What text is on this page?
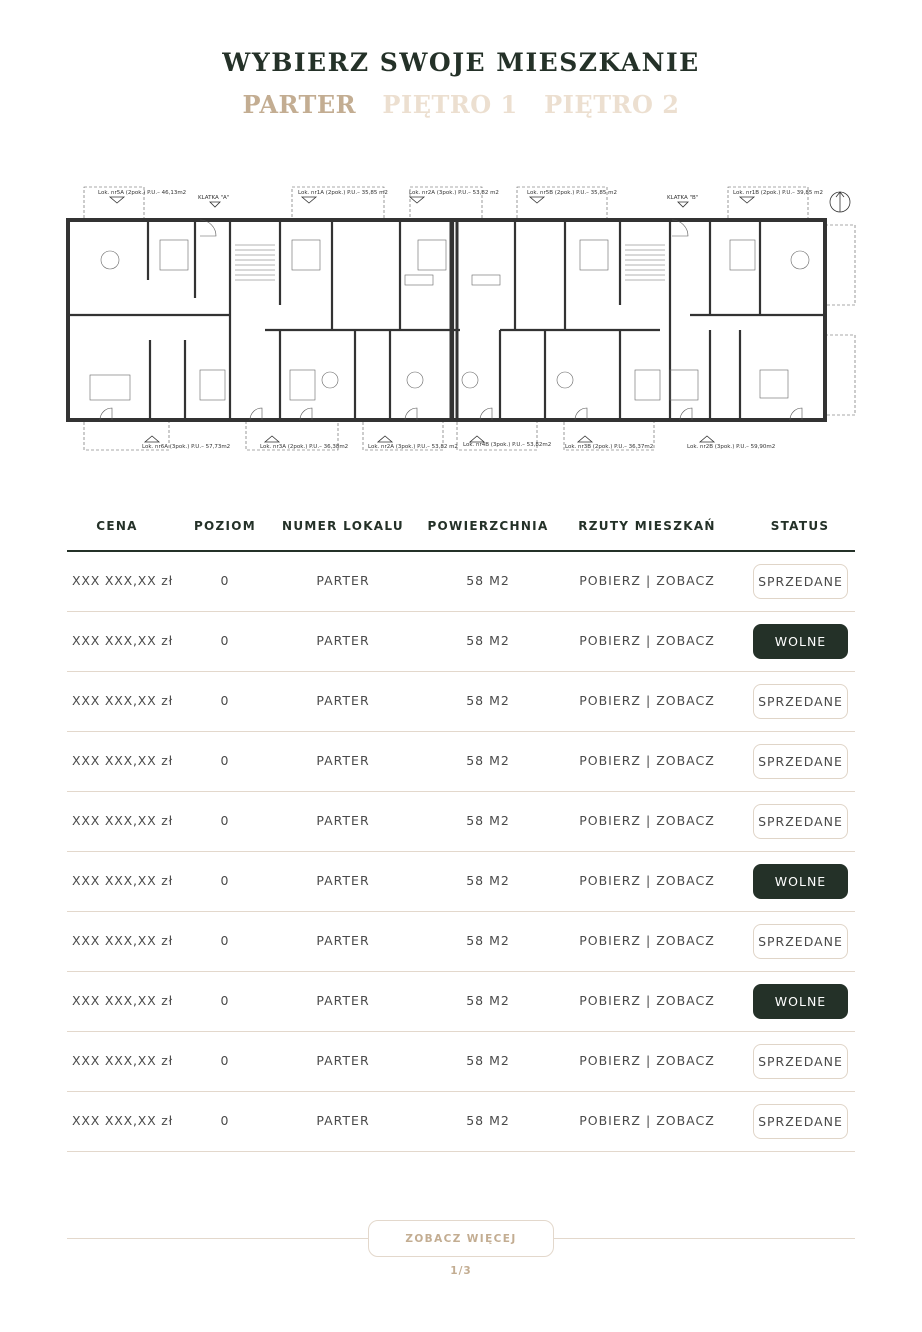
WYBIERZ SWOJE MIESZKANIE
PARTER PIĘTRO 1 PIĘTRO 2
Lok. nr5A (2pok.) P.U.– 46,13m2	Lok. nr1A (2pok.) P.U.– 35,85 m2	Lok. nr2A (3pok.) P.U.– 53,82 m2	Lok. nr5B (2pok.) P.U.– 35,85 m2	Lok. nr1B (2pok.) P.U.– 39,85 m2
KLATKA "A"	KLATKA "B"
Lok. nr6A (3pok.) P.U.– 57,73m2	Lok. nr3A (2pok.) P.U.– 36,38m2	Lok. nr2A (3pok.) P.U.– 53,82 m2 Lok. nr4B (3pok.) P.U.– 53,82m2	Lok. nr3B (2pok.) P.U.– 36,37m2	Lok. nr2B (3pok.) P.U.– 59,90m2
CENA	POZIOM	NUMER LOKALU	POWIERZCHNIA	RZUTY MIESZKAŃ	STATUS
XXX XXX,XX zł	0	PARTER	58 M2	POBIERZ | ZOBACZ	SPRZEDANE
XXX XXX,XX zł	0	PARTER	58 M2	POBIERZ | ZOBACZ	WOLNE
XXX XXX,XX zł	0	PARTER	58 M2	POBIERZ | ZOBACZ	SPRZEDANE
XXX XXX,XX zł	0	PARTER	58 M2	POBIERZ | ZOBACZ	SPRZEDANE
XXX XXX,XX zł	0	PARTER	58 M2	POBIERZ | ZOBACZ	SPRZEDANE
XXX XXX,XX zł	0	PARTER	58 M2	POBIERZ | ZOBACZ	WOLNE
XXX XXX,XX zł	0	PARTER	58 M2	POBIERZ | ZOBACZ	SPRZEDANE
XXX XXX,XX zł	0	PARTER	58 M2	POBIERZ | ZOBACZ	WOLNE
XXX XXX,XX zł	0	PARTER	58 M2	POBIERZ | ZOBACZ	SPRZEDANE
XXX XXX,XX zł	0	PARTER	58 M2	POBIERZ | ZOBACZ	SPRZEDANE
ZOBACZ WIĘCEJ
1/3
